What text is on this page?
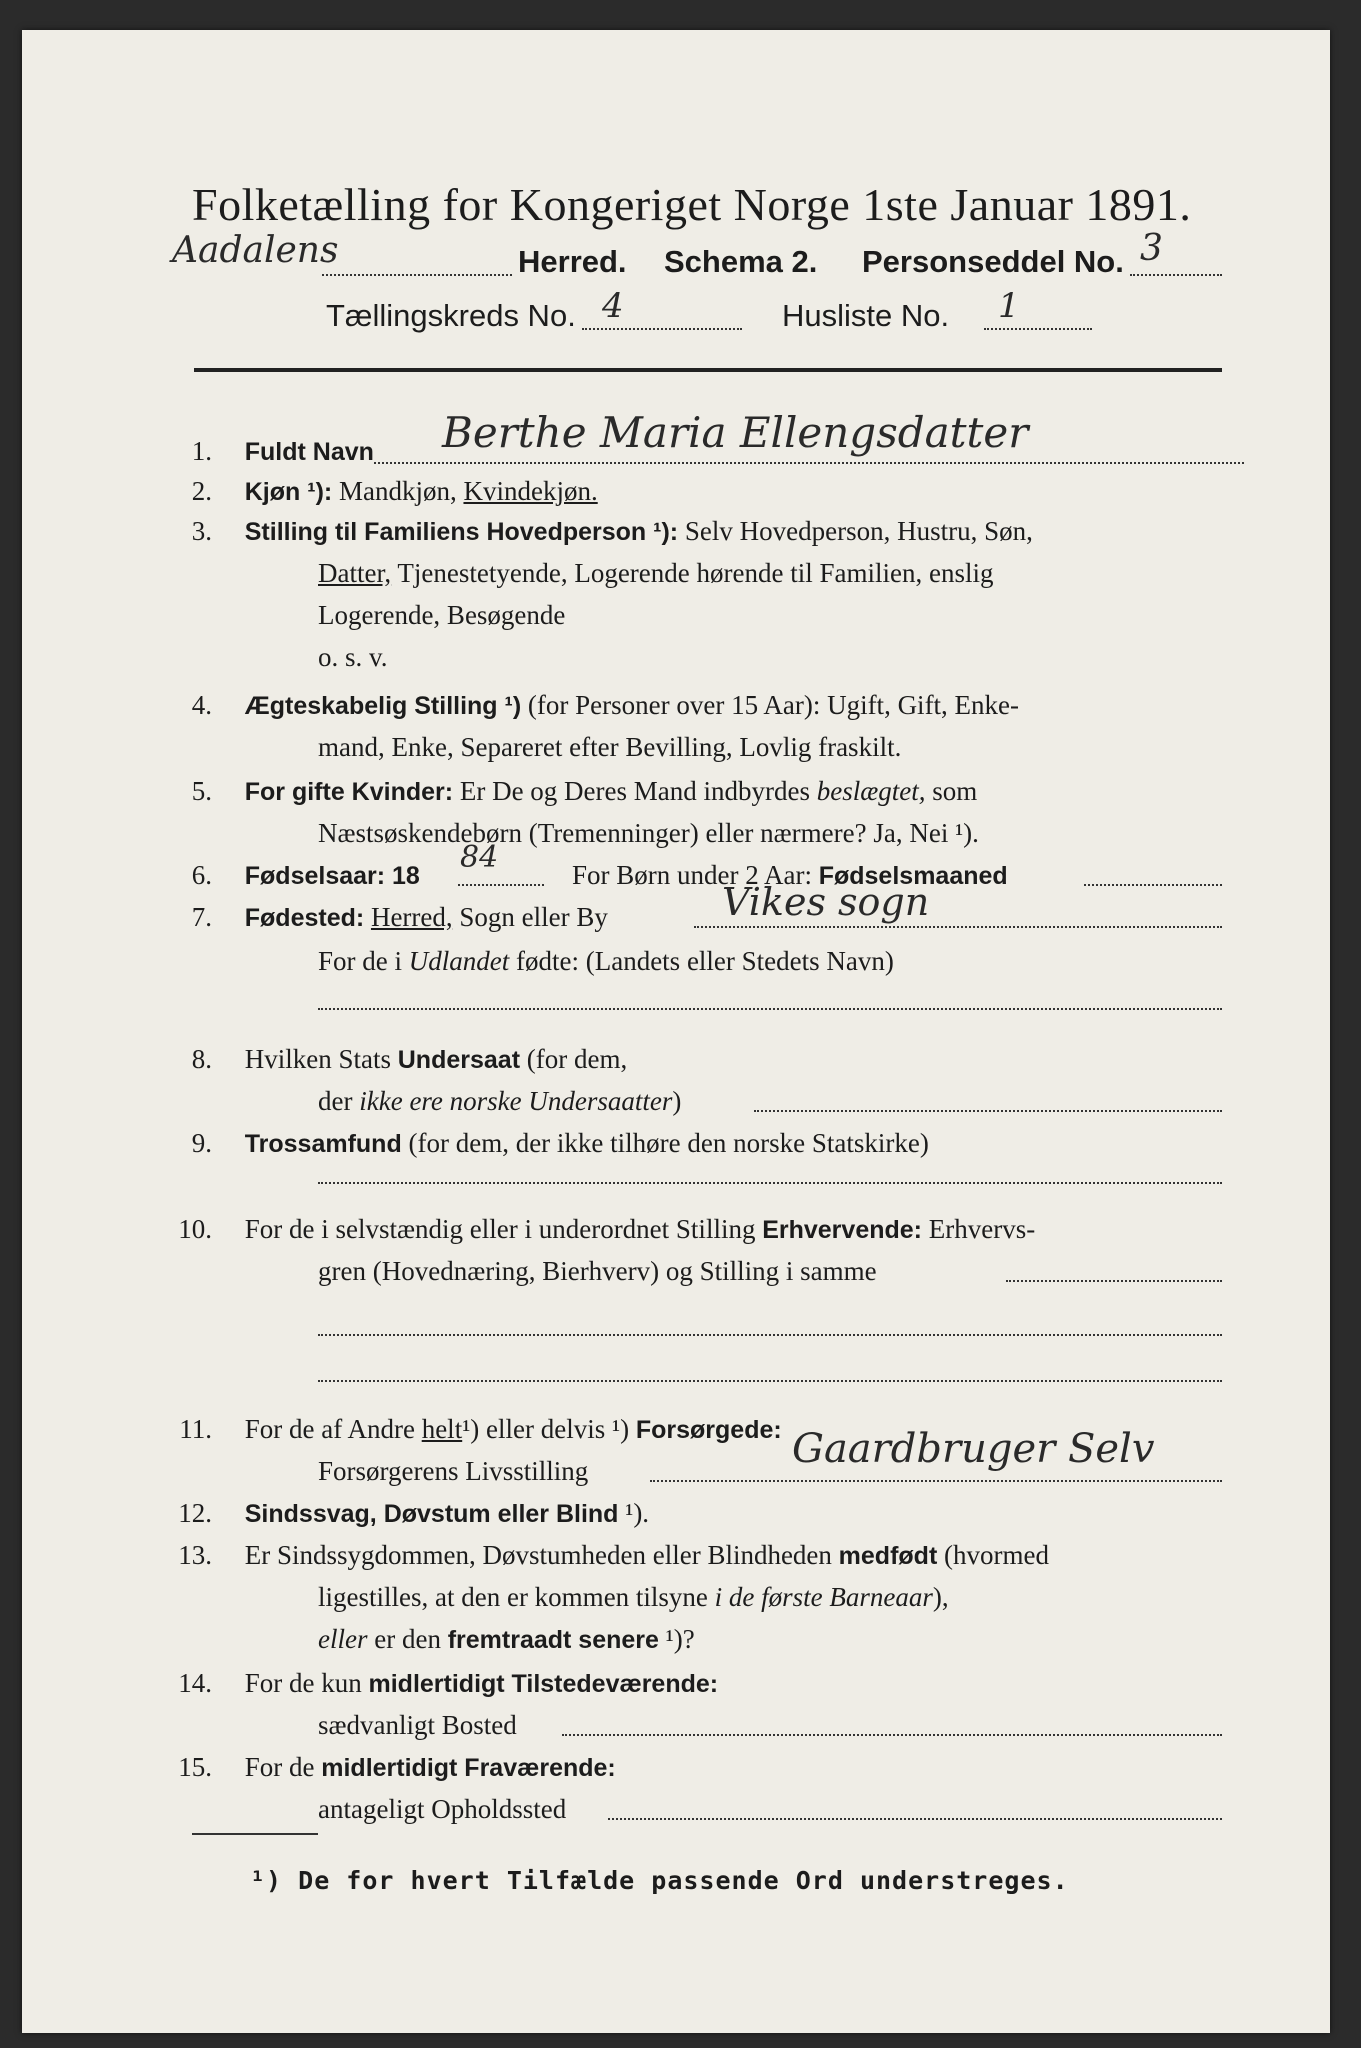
Folketælling for Kongeriget Norge 1ste Januar 1891.
Aadalens	Herred. Schema 2. Personseddel No. 3
Tællingskreds No. 4	Husliste No. 1
1. Fuldt Navn Berthe Maria Ellengsdatter
2. Kjøn ¹): Mandkjøn, Kvindekjøn.
3. Stilling til Familiens Hovedperson ¹): Selv Hovedperson, Hustru, Søn,
Datter, Tjenestetyende, Logerende hørende til Familien, enslig
Logerende, Besøgende
o. s. v.
4. Ægteskabelig Stilling ¹) (for Personer over 15 Aar): Ugift, Gift, Enke-
mand, Enke, Separeret efter Bevilling, Lovlig fraskilt.
5. For gifte Kvinder: Er De og Deres Mand indbyrdes beslægtet, som
Næstsøskendebørn (Tremenninger) eller nærmere? Ja, Nei ¹).
6. Fødselsaar: 18
84	For Børn under 2 Aar: Fødselsmaaned
7. Fødested: Herred, Sogn eller By	Vikes sogn
For de i Udlandet fødte: (Landets eller Stedets Navn)
8. Hvilken Stats Undersaat (for dem,
der ikke ere norske Undersaatter)
9. Trossamfund (for dem, der ikke tilhøre den norske Statskirke)
10. For de i selvstændig eller i underordnet Stilling Erhvervende: Erhvervs-
gren (Hovednæring, Bierhverv) og Stilling i samme
11. For de af Andre helt¹) eller delvis ¹) Forsørgede:
Forsørgerens Livsstilling	Gaardbruger Selv
12. Sindssvag, Døvstum eller Blind ¹).
13. Er Sindssygdommen, Døvstumheden eller Blindheden medfødt (hvormed
ligestilles, at den er kommen tilsyne i de første Barneaar),
eller er den fremtraadt senere ¹)?
14. For de kun midlertidigt Tilstedeværende:
sædvanligt Bosted
15. For de midlertidigt Fraværende:
antageligt Opholdssted
¹) De for hvert Tilfælde passende Ord understreges.
